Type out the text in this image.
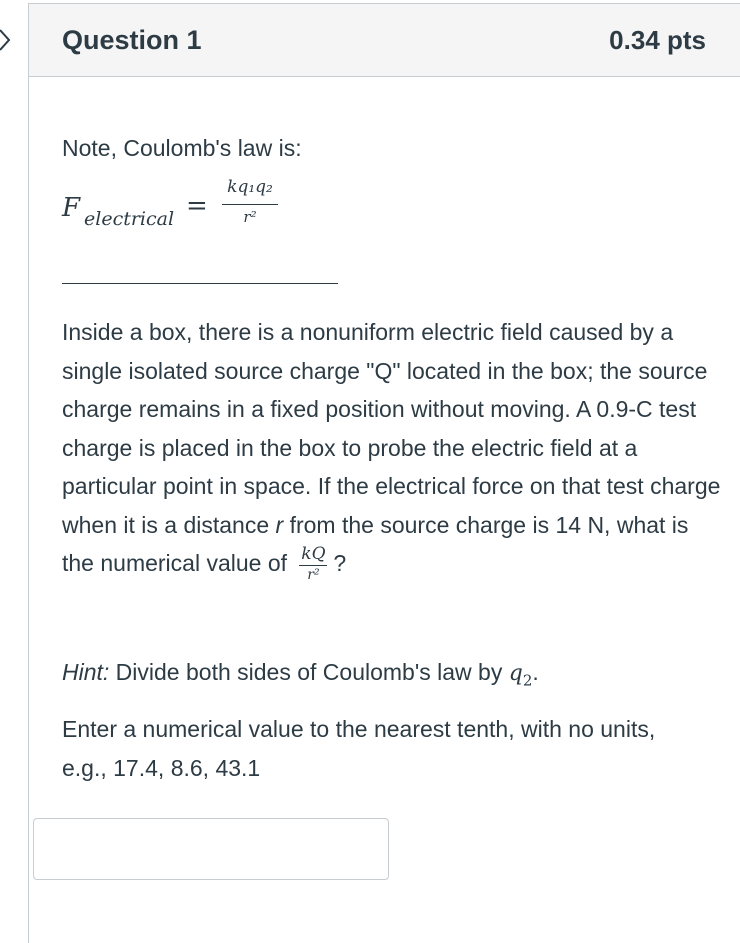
Question 1	0.34 pts
Note, Coulomb's law is:
F electrical =
kq₁q₂
r²
Inside a box, there is a nonuniform electric field caused by a single isolated source charge "Q" located in the box; the source charge remains in a fixed position without moving. A 0.9-C test charge is placed in the box to probe the electric field at a particular point in space. If the electrical force on that test charge when it is a distance r from the source charge is 14 N, what is the numerical value of $\frac{kQ}{\text{r²}}$ ?
Hint: Divide both sides of Coulomb's law by $q_2$.
Enter a numerical value to the nearest tenth, with no units, e.g., 17.4, 8.6, 43.1
